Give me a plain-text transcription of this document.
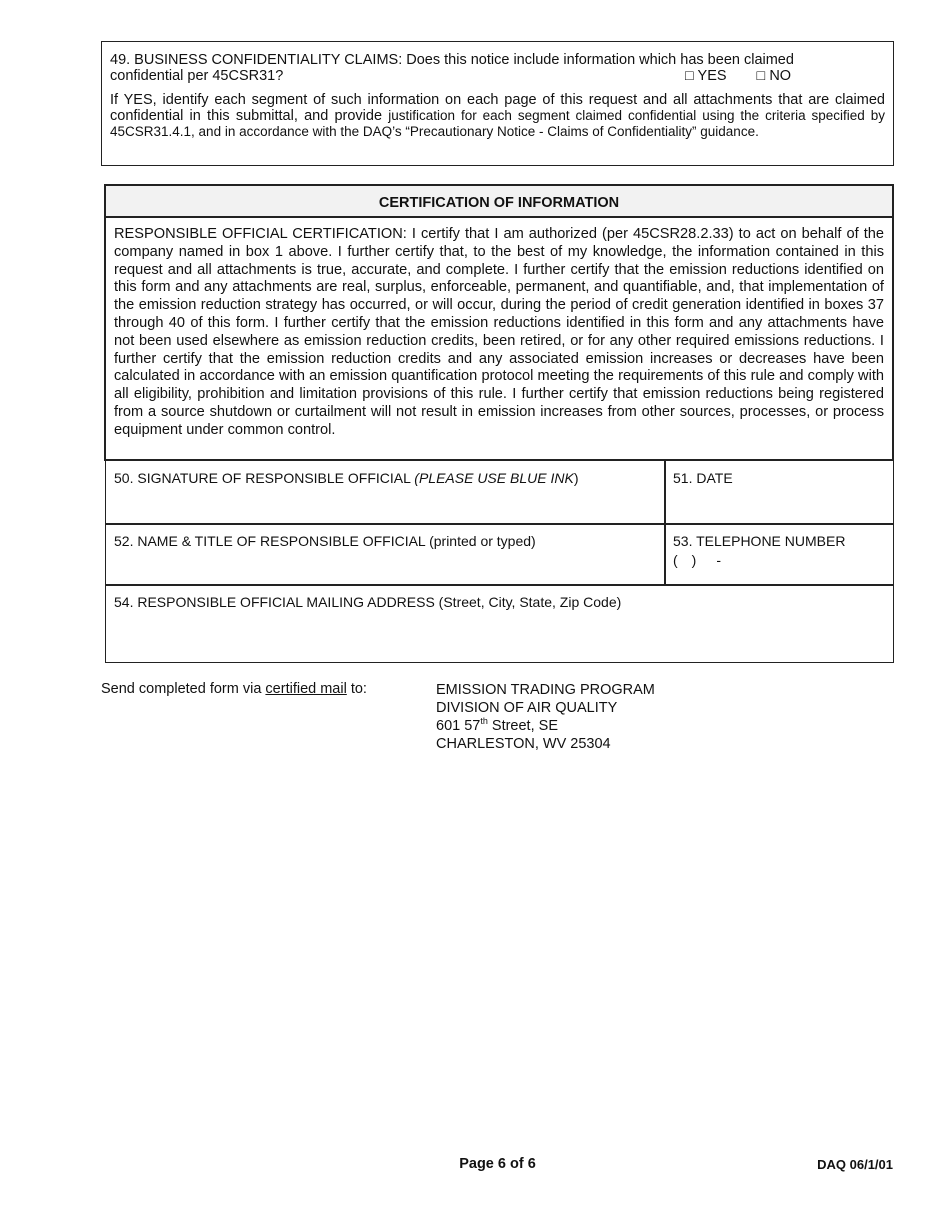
49. BUSINESS CONFIDENTIALITY CLAIMS: Does this notice include information which has been claimed
confidential per 45CSR31?	□ YES □ NO
If YES, identify each segment of such information on each page of this request and all attachments that are claimed confidential in this submittal, and provide justification for each segment claimed confidential using the criteria specified by 45CSR31.4.1, and in accordance with the DAQ’s “Precautionary Notice - Claims of Confidentiality” guidance.
CERTIFICATION OF INFORMATION
RESPONSIBLE OFFICIAL CERTIFICATION: I certify that I am authorized (per 45CSR28.2.33) to act on behalf of the company named in box 1 above. I further certify that, to the best of my knowledge, the information contained in this request and all attachments is true, accurate, and complete. I further certify that the emission reductions identified on this form and any attachments are real, surplus, enforceable, permanent, and quantifiable, and, that implementation of the emission reduction strategy has occurred, or will occur, during the period of credit generation identified in boxes 37 through 40 of this form. I further certify that the emission reductions identified in this form and any attachments have not been used elsewhere as emission reduction credits, been retired, or for any other required emissions reductions. I further certify that the emission reduction credits and any associated emission increases or decreases have been calculated in accordance with an emission quantification protocol meeting the requirements of this rule and comply with all eligibility, prohibition and limitation provisions of this rule. I further certify that emission reductions being registered from a source shutdown or curtailment will not result in emission increases from other sources, processes, or process equipment under common control.
50. SIGNATURE OF RESPONSIBLE OFFICIAL (PLEASE USE BLUE INK)	51. DATE
52. NAME & TITLE OF RESPONSIBLE OFFICIAL (printed or typed)	53. TELEPHONE NUMBER
( ) -
54. RESPONSIBLE OFFICIAL MAILING ADDRESS (Street, City, State, Zip Code)
Send completed form via certified mail to:	EMISSION TRADING PROGRAM
DIVISION OF AIR QUALITY
601 57th Street, SE
CHARLESTON, WV 25304
Page 6 of 6	DAQ 06/1/01
